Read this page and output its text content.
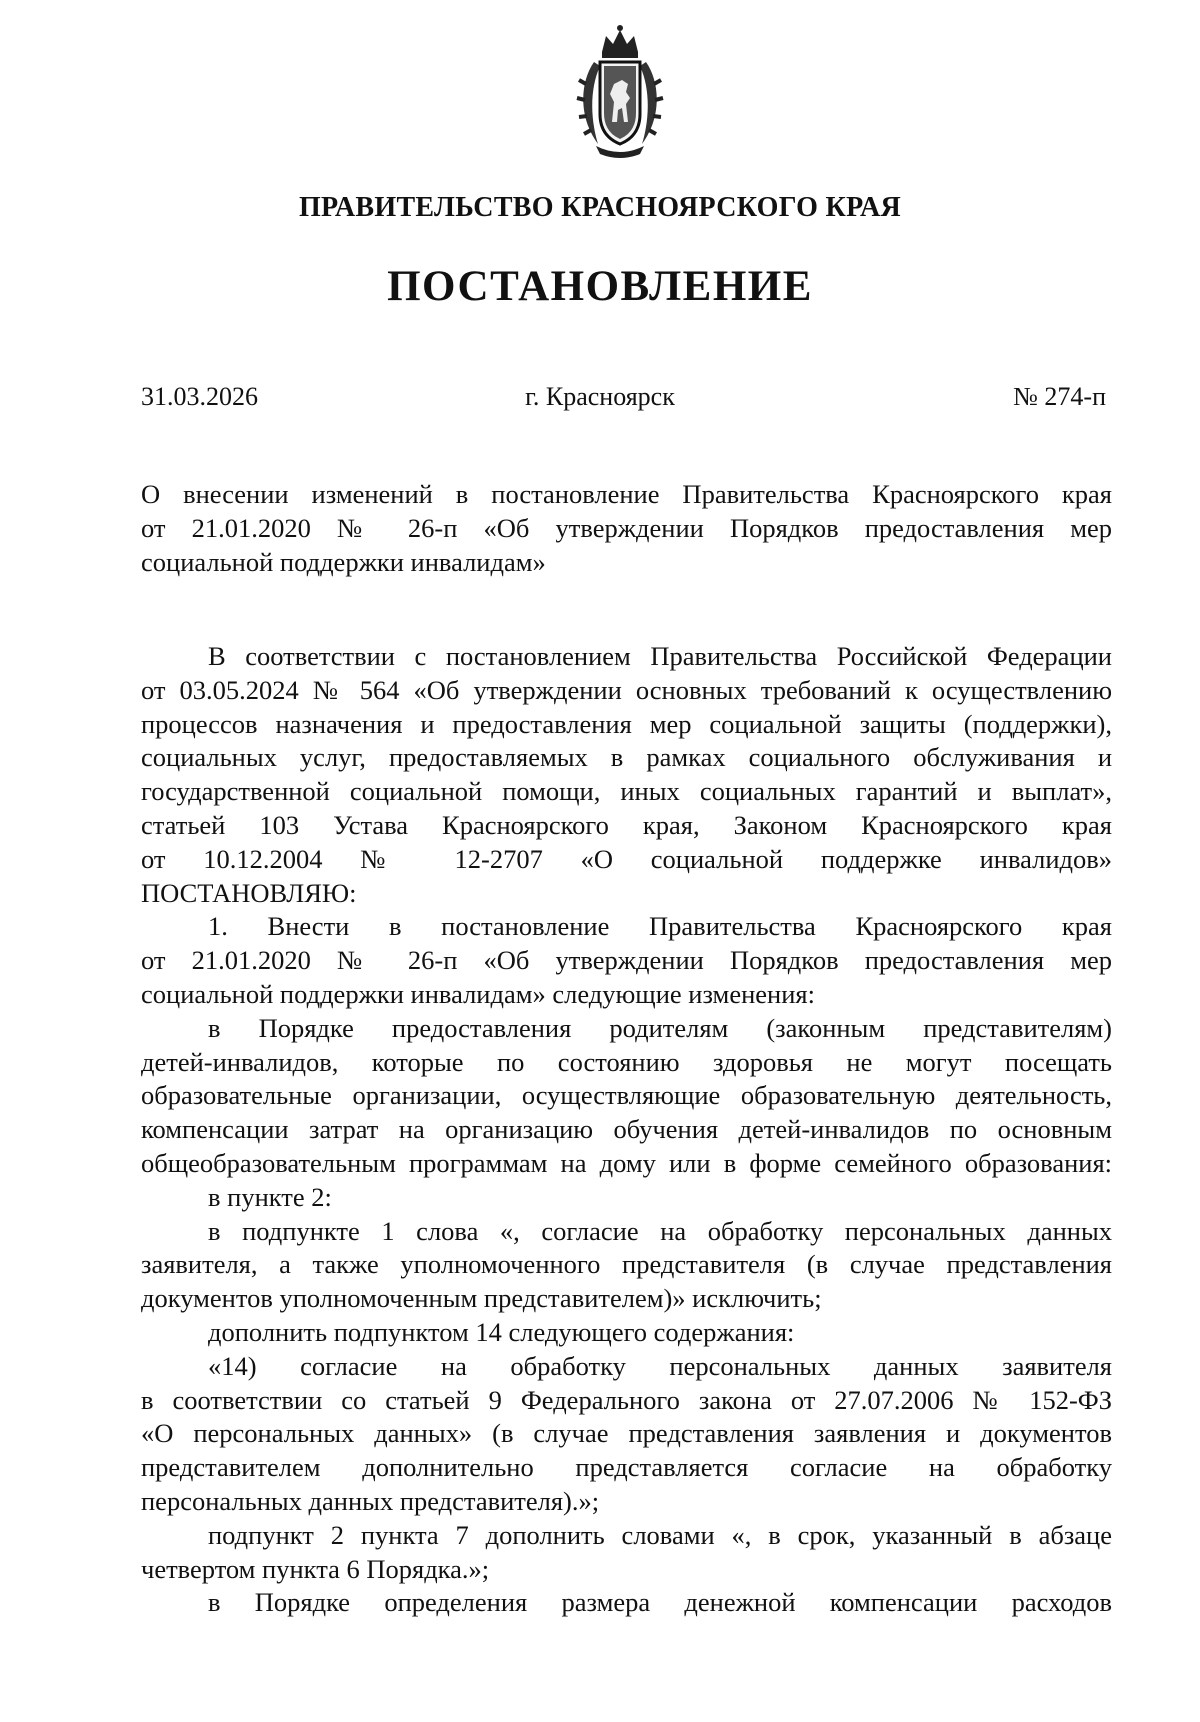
ПРАВИТЕЛЬСТВО КРАСНОЯРСКОГО КРАЯ
ПОСТАНОВЛЕНИЕ
31.03.2026	г. Красноярск	№ 274-п
О внесении изменений в постановление Правительства Красноярского края
от 21.01.2020 № 26-п «Об утверждении Порядков предоставления мер
социальной поддержки инвалидам»
В соответствии с постановлением Правительства Российской Федерации
от 03.05.2024 № 564 «Об утверждении основных требований к осуществлению
процессов назначения и предоставления мер социальной защиты (поддержки),
социальных услуг, предоставляемых в рамках социального обслуживания и
государственной социальной помощи, иных социальных гарантий и выплат»,
статьей 103 Устава Красноярского края, Законом Красноярского края
от 10.12.2004 № 12-2707 «О социальной поддержке инвалидов»
ПОСТАНОВЛЯЮ:
1. Внести в постановление Правительства Красноярского края
от 21.01.2020 № 26-п «Об утверждении Порядков предоставления мер
социальной поддержки инвалидам» следующие изменения:
в Порядке предоставления родителям (законным представителям)
детей-инвалидов, которые по состоянию здоровья не могут посещать
образовательные организации, осуществляющие образовательную деятельность,
компенсации затрат на организацию обучения детей-инвалидов по основным
общеобразовательным программам на дому или в форме семейного образования:
в пункте 2:
в подпункте 1 слова «, согласие на обработку персональных данных
заявителя, а также уполномоченного представителя (в случае представления
документов уполномоченным представителем)» исключить;
дополнить подпунктом 14 следующего содержания:
«14) согласие на обработку персональных данных заявителя
в соответствии со статьей 9 Федерального закона от 27.07.2006 № 152-ФЗ
«О персональных данных» (в случае представления заявления и документов
представителем дополнительно представляется согласие на обработку
персональных данных представителя).»;
подпункт 2 пункта 7 дополнить словами «, в срок, указанный в абзаце
четвертом пункта 6 Порядка.»;
в Порядке определения размера денежной компенсации расходов
